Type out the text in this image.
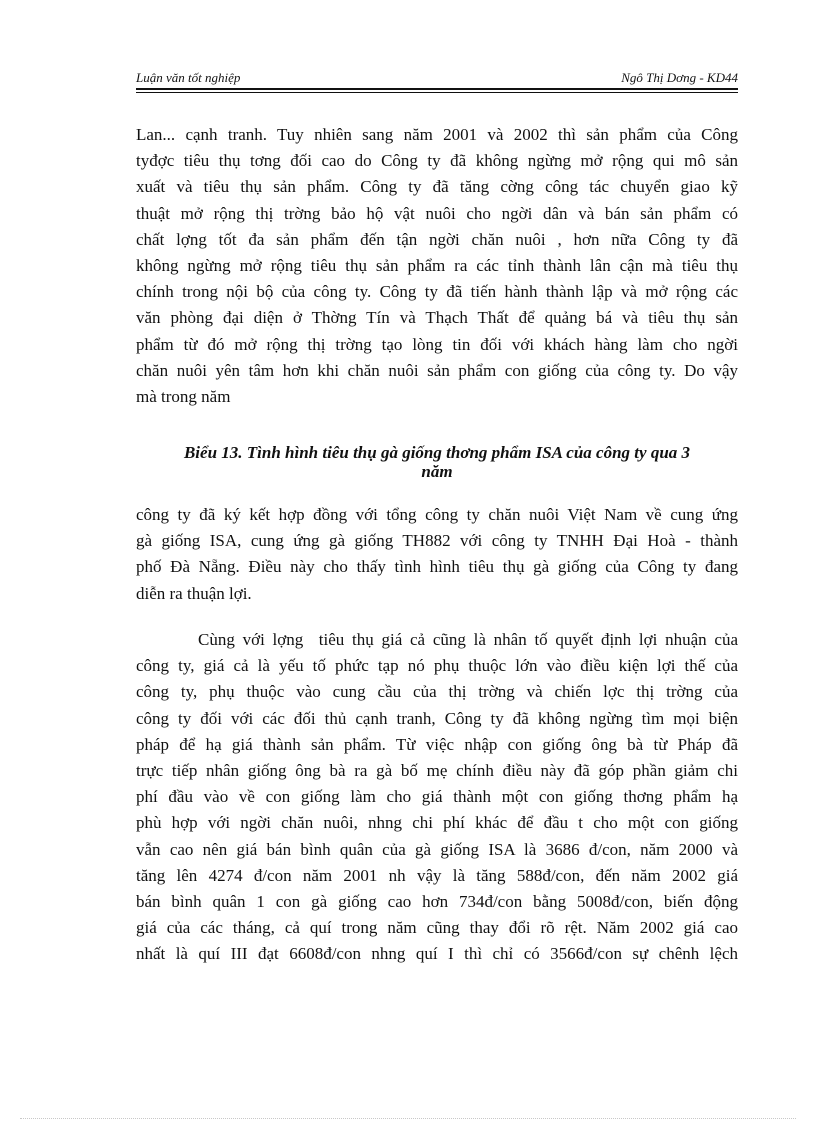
Luận văn tốt nghiệp	Ngô Thị Dơng - KD44
Lan... cạnh tranh. Tuy nhiên sang năm 2001 và 2002 thì sản phẩm của Công
tyđợc tiêu thụ tơng đối cao do Công ty đã không ngừng mở rộng qui mô sản
xuất và tiêu thụ sản phẩm. Công ty đã tăng cờng công tác chuyển giao kỹ
thuật mở rộng thị trờng bảo hộ vật nuôi cho ngời dân và bán sản phẩm có
chất lợng tốt đa sản phẩm đến tận ngời chăn nuôi , hơn nữa Công ty đã
không ngừng mở rộng tiêu thụ sản phẩm ra các tỉnh thành lân cận mà tiêu thụ
chính trong nội bộ của công ty. Công ty đã tiến hành thành lập và mở rộng các
văn phòng đại diện ở Thờng Tín và Thạch Thất để quảng bá và tiêu thụ sản
phẩm từ đó mở rộng thị trờng tạo lòng tin đối với khách hàng làm cho ngời
chăn nuôi yên tâm hơn khi chăn nuôi sản phẩm con giống của công ty. Do vậy
mà trong năm
Biểu 13. Tình hình tiêu thụ gà giống thơng phẩm ISA của công ty qua 3
năm
công ty đã ký kết hợp đồng với tổng công ty chăn nuôi Việt Nam về cung ứng
gà giống ISA, cung ứng gà giống TH882 với công ty TNHH Đại Hoà - thành
phố Đà Nẵng. Điều này cho thấy tình hình tiêu thụ gà giống của Công ty đang
diễn ra thuận lợi.
Cùng với lợng  tiêu thụ giá cả cũng là nhân tố quyết định lợi nhuận của
công ty, giá cả là yếu tố phức tạp nó phụ thuộc lớn vào điều kiện lợi thế của
công ty, phụ thuộc vào cung cầu của thị trờng và chiến lợc thị trờng của
công ty đối với các đối thủ cạnh tranh, Công ty đã không ngừng tìm mọi biện
pháp để hạ giá thành sản phẩm. Từ việc nhập con giống ông bà từ Pháp đã
trực tiếp nhân giống ông bà ra gà bố mẹ chính điều này đã góp phần giảm chi
phí đầu vào về con giống làm cho giá thành một con giống thơng phẩm hạ
phù hợp với ngời chăn nuôi, nhng chi phí khác để đầu t cho một con giống
vẫn cao nên giá bán bình quân của gà giống ISA là 3686 đ/con, năm 2000 và
tăng lên 4274 đ/con năm 2001 nh vậy là tăng 588đ/con, đến năm 2002 giá
bán bình quân 1 con gà giống cao hơn 734đ/con bằng 5008đ/con, biến động
giá của các tháng, cả quí trong năm cũng thay đổi rõ rệt. Năm 2002 giá cao
nhất là quí III đạt 6608đ/con nhng quí I thì chỉ có 3566đ/con sự chênh lệch
